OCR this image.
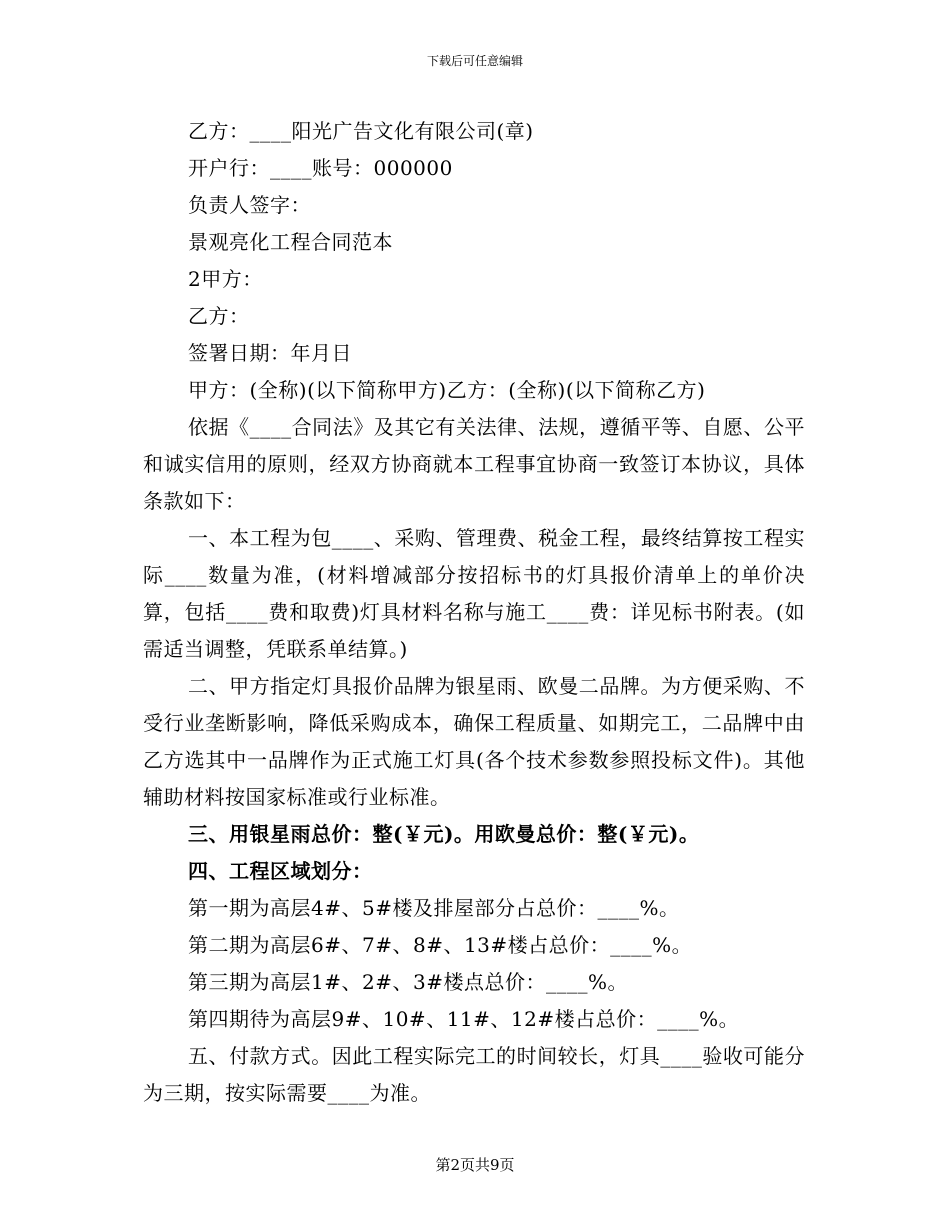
下载后可任意编辑

乙方：____阳光广告文化有限公司(章)

开户行：____账号：000000

负责人签字：

景观亮化工程合同范本

2甲方：

乙方：

签署日期：年月日

甲方：(全称)(以下简称甲方)乙方：(全称)(以下简称乙方)

依据《____合同法》及其它有关法律、法规，遵循平等、自愿、公平和诚实信用的原则，经双方协商就本工程事宜协商一致签订本协议，具体条款如下：

一、本工程为包____、采购、管理费、税金工程，最终结算按工程实际____数量为准，(材料增减部分按招标书的灯具报价清单上的单价决算，包括____费和取费)灯具材料名称与施工____费：详见标书附表。(如需适当调整，凭联系单结算。)

二、甲方指定灯具报价品牌为银星雨、欧曼二品牌。为方便采购、不受行业垄断影响，降低采购成本，确保工程质量、如期完工，二品牌中由乙方选其中一品牌作为正式施工灯具(各个技术参数参照投标文件)。其他辅助材料按国家标准或行业标准。

三、用银星雨总价：整(￥元)。用欧曼总价：整(￥元)。

四、工程区域划分：

第一期为高层4#、5#楼及排屋部分占总价：____%。

第二期为高层6#、7#、8#、13#楼占总价：____%。

第三期为高层1#、2#、3#楼点总价：____%。

第四期待为高层9#、10#、11#、12#楼占总价：____%。

五、付款方式。因此工程实际完工的时间较长，灯具____验收可能分为三期，按实际需要____为准。

第2页共9页
